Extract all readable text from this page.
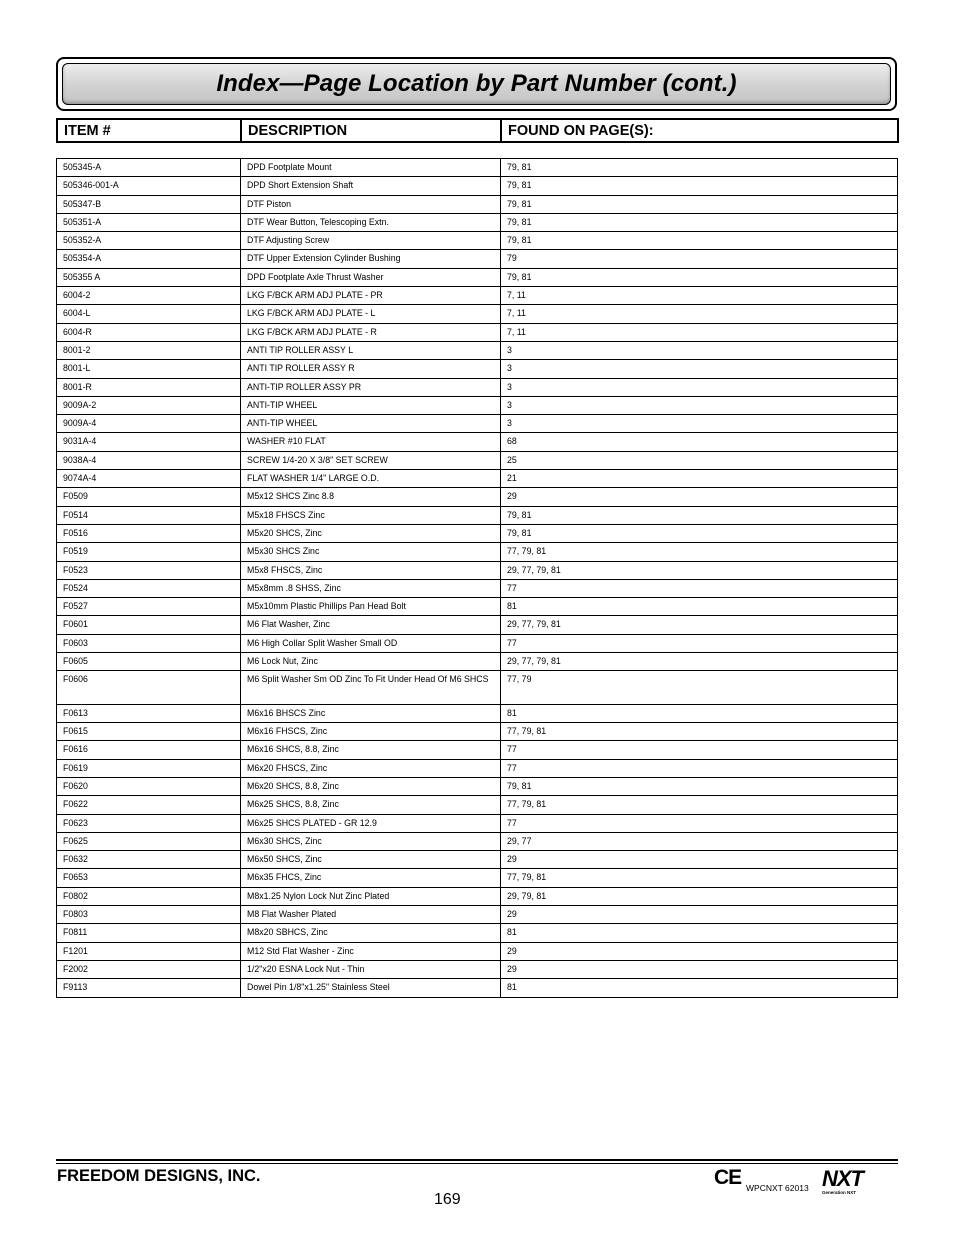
Index—Page Location by Part Number (cont.)
ITEM #	DESCRIPTION	FOUND ON PAGE(S):
505345-A	DPD Footplate Mount	79, 81
505346-001-A	DPD Short Extension Shaft	79, 81
505347-B	DTF Piston	79, 81
505351-A	DTF Wear Button, Telescoping Extn.	79, 81
505352-A	DTF Adjusting Screw	79, 81
505354-A	DTF Upper Extension Cylinder Bushing	79
505355 A	DPD Footplate Axle Thrust Washer	79, 81
6004-2	LKG F/BCK ARM ADJ PLATE - PR	7, 11
6004-L	LKG F/BCK ARM ADJ PLATE - L	7, 11
6004-R	LKG F/BCK ARM ADJ PLATE - R	7, 11
8001-2	ANTI TIP ROLLER ASSY L	3
8001-L	ANTI TIP ROLLER ASSY R	3
8001-R	ANTI-TIP ROLLER ASSY PR	3
9009A-2	ANTI-TIP WHEEL	3
9009A-4	ANTI-TIP WHEEL	3
9031A-4	WASHER #10 FLAT	68
9038A-4	SCREW 1/4-20 X 3/8" SET SCREW	25
9074A-4	FLAT WASHER 1/4" LARGE O.D.	21
F0509	M5x12 SHCS Zinc 8.8	29
F0514	M5x18 FHSCS Zinc	79, 81
F0516	M5x20 SHCS, Zinc	79, 81
F0519	M5x30 SHCS Zinc	77, 79, 81
F0523	M5x8 FHSCS, Zinc	29, 77, 79, 81
F0524	M5x8mm .8 SHSS, Zinc	77
F0527	M5x10mm Plastic Phillips Pan Head Bolt	81
F0601	M6 Flat Washer, Zinc	29, 77, 79, 81
F0603	M6 High Collar Split Washer Small OD	77
F0605	M6 Lock Nut, Zinc	29, 77, 79, 81
F0606	M6 Split Washer Sm OD Zinc To Fit Under Head Of M6 SHCS	77, 79
F0613	M6x16 BHSCS Zinc	81
F0615	M6x16 FHSCS, Zinc	77, 79, 81
F0616	M6x16 SHCS, 8.8, Zinc	77
F0619	M6x20 FHSCS, Zinc	77
F0620	M6x20 SHCS, 8.8, Zinc	79, 81
F0622	M6x25 SHCS, 8.8, Zinc	77, 79, 81
F0623	M6x25 SHCS PLATED - GR 12.9	77
F0625	M6x30 SHCS, Zinc	29, 77
F0632	M6x50 SHCS, Zinc	29
F0653	M6x35 FHCS, Zinc	77, 79, 81
F0802	M8x1.25 Nylon Lock Nut Zinc Plated	29, 79, 81
F0803	M8 Flat Washer Plated	29
F0811	M8x20 SBHCS, Zinc	81
F1201	M12 Std Flat Washer - Zinc	29
F2002	1/2"x20 ESNA Lock Nut - Thin	29
F9113	Dowel Pin 1/8"x1.25" Stainless Steel	81
FREEDOM DESIGNS, INC.
169
CE WPCNXT 62013 NXT
Generation NXT
